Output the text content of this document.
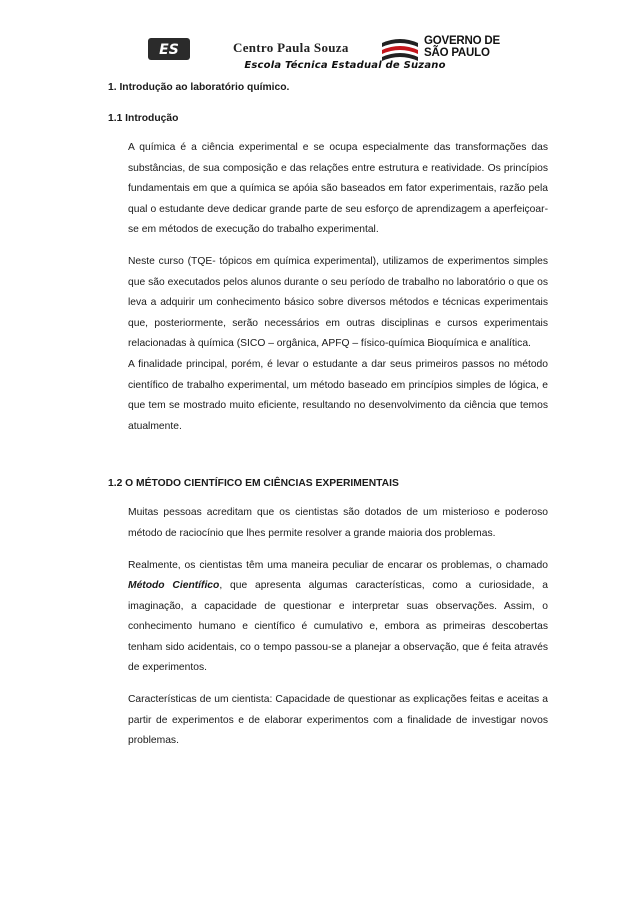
ES	Centro Paula Souza	GOVERNO DE
SÃO PAULO
Escola Técnica Estadual de Suzano

1. Introdução ao laboratório químico.

1.1 Introdução

A química é a ciência experimental e se ocupa especialmente das transformações das substâncias, de sua composição e das relações entre estrutura e reatividade. Os princípios fundamentais em que a química se apóia são baseados em fator experimentais, razão pela qual o estudante deve dedicar grande parte de seu esforço de aprendizagem a aperfeiçoar-se em métodos de execução do trabalho experimental.

Neste curso (TQE- tópicos em química experimental), utilizamos de experimentos simples que são executados pelos alunos durante o seu período de trabalho no laboratório o que os leva a adquirir um conhecimento básico sobre diversos métodos e técnicas experimentais que, posteriormente, serão necessários em outras disciplinas e cursos experimentais relacionadas à química (SICO – orgânica, APFQ – físico-química Bioquímica e analítica.

A finalidade principal, porém, é levar o estudante a dar seus primeiros passos no método científico de trabalho experimental, um método baseado em princípios simples de lógica, e que tem se mostrado muito eficiente, resultando no desenvolvimento da ciência que temos atualmente.

1.2 O MÉTODO CIENTÍFICO EM CIÊNCIAS EXPERIMENTAIS

Muitas pessoas acreditam que os cientistas são dotados de um misterioso e poderoso método de raciocínio que lhes permite resolver a grande maioria dos problemas.

Realmente, os cientistas têm uma maneira peculiar de encarar os problemas, o chamado Método Científico, que apresenta algumas características, como a curiosidade, a imaginação, a capacidade de questionar e interpretar suas observações. Assim, o conhecimento humano e científico é cumulativo e, embora as primeiras descobertas tenham sido acidentais, co o tempo passou-se a planejar a observação, que é feita através de experimentos.

Características de um cientista: Capacidade de questionar as explicações feitas e aceitas a partir de experimentos e de elaborar experimentos com a finalidade de investigar novos problemas.
